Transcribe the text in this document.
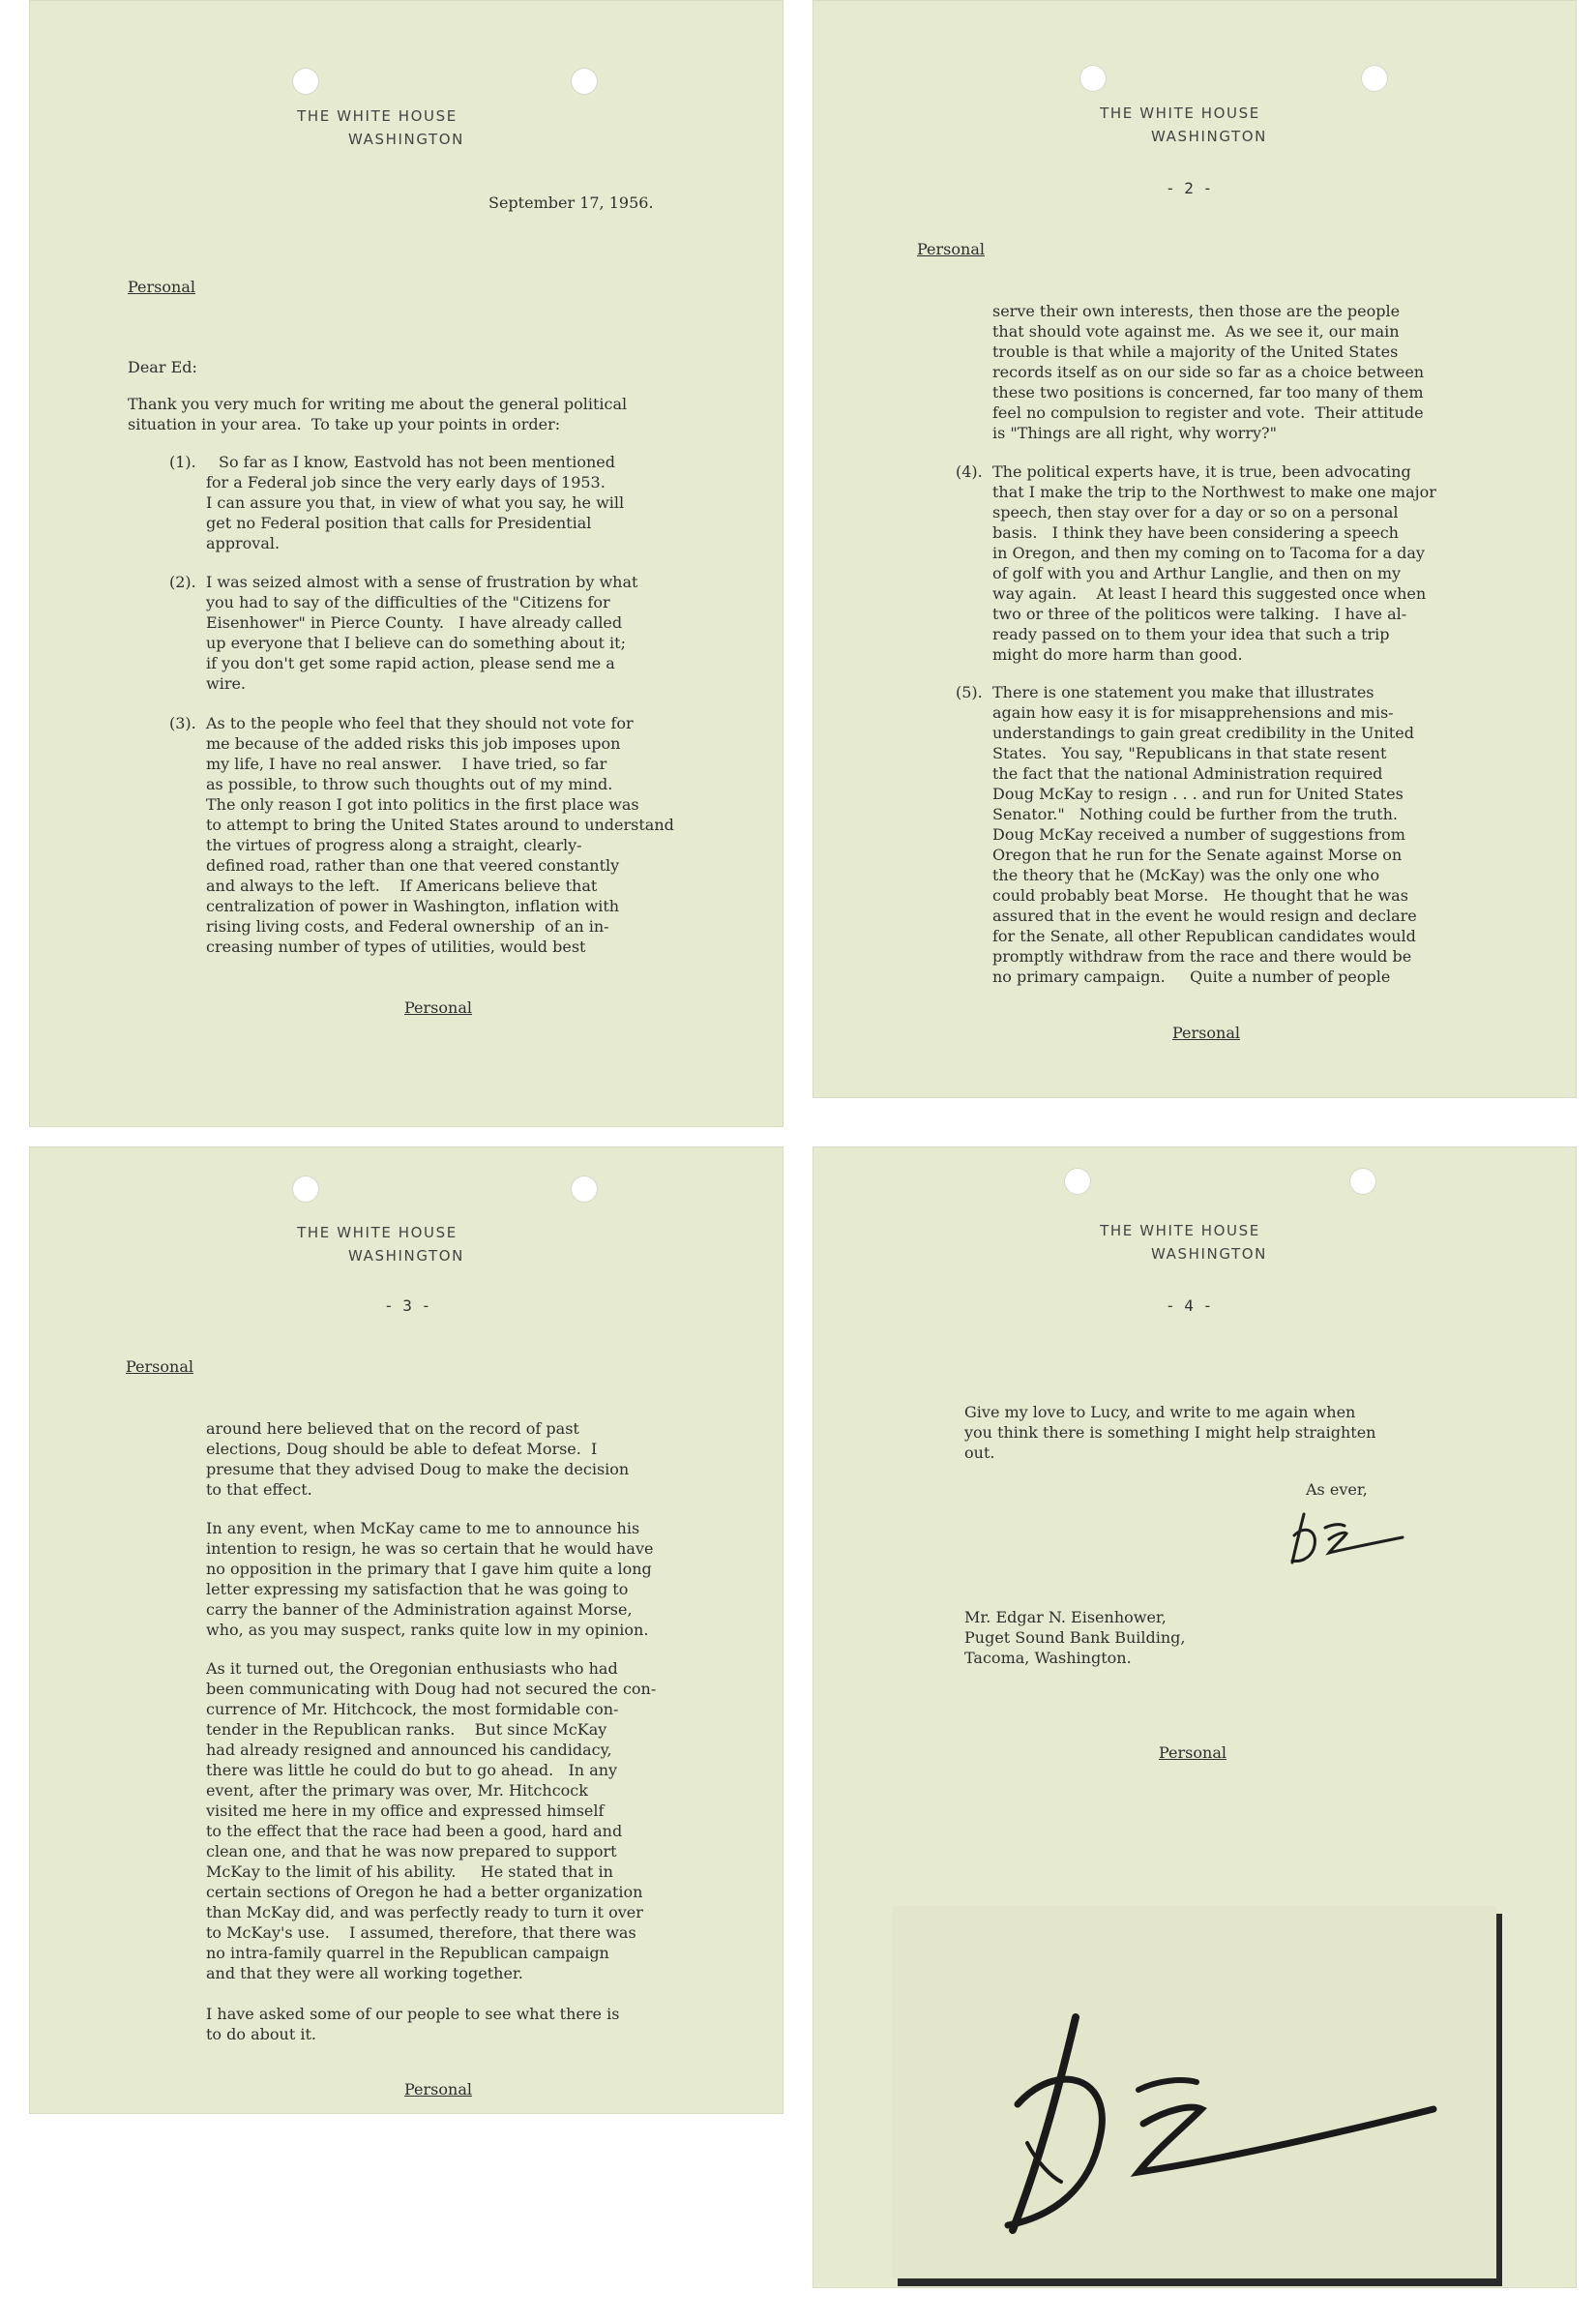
THE WHITE HOUSE
WASHINGTON
September 17, 1956.
Personal
Dear Ed:
Thank you very much for writing me about the general political
situation in your area.  To take up your points in order:
(1). So far as I know, Eastvold has not been mentioned
for a Federal job since the very early days of 1953.
I can assure you that, in view of what you say, he will
get no Federal position that calls for Presidential
approval.
(2). I was seized almost with a sense of frustration by what
you had to say of the difficulties of the "Citizens for
Eisenhower" in Pierce County.   I have already called
up everyone that I believe can do something about it;
if you don't get some rapid action, please send me a
wire.
(3). As to the people who feel that they should not vote for
me because of the added risks this job imposes upon
my life, I have no real answer.    I have tried, so far
as possible, to throw such thoughts out of my mind.
The only reason I got into politics in the first place was
to attempt to bring the United States around to understand
the virtues of progress along a straight, clearly-
defined road, rather than one that veered constantly
and always to the left.    If Americans believe that
centralization of power in Washington, inflation with
rising living costs, and Federal ownership  of an in-
creasing number of types of utilities, would best
Personal
THE WHITE HOUSE
WASHINGTON
- 2 -
Personal
serve their own interests, then those are the people
that should vote against me.  As we see it, our main
trouble is that while a majority of the United States
records itself as on our side so far as a choice between
these two positions is concerned, far too many of them
feel no compulsion to register and vote.  Their attitude
is "Things are all right, why worry?"
(4). The political experts have, it is true, been advocating
that I make the trip to the Northwest to make one major
speech, then stay over for a day or so on a personal
basis.   I think they have been considering a speech
in Oregon, and then my coming on to Tacoma for a day
of golf with you and Arthur Langlie, and then on my
way again.    At least I heard this suggested once when
two or three of the politicos were talking.   I have al-
ready passed on to them your idea that such a trip
might do more harm than good.
(5). There is one statement you make that illustrates
again how easy it is for misapprehensions and mis-
understandings to gain great credibility in the United
States.   You say, "Republicans in that state resent
the fact that the national Administration required
Doug McKay to resign . . . and run for United States
Senator."   Nothing could be further from the truth.
Doug McKay received a number of suggestions from
Oregon that he run for the Senate against Morse on
the theory that he (McKay) was the only one who
could probably beat Morse.   He thought that he was
assured that in the event he would resign and declare
for the Senate, all other Republican candidates would
promptly withdraw from the race and there would be
no primary campaign.     Quite a number of people
Personal
THE WHITE HOUSE
WASHINGTON
- 3 -
Personal
around here believed that on the record of past
elections, Doug should be able to defeat Morse.  I
presume that they advised Doug to make the decision
to that effect.
In any event, when McKay came to me to announce his
intention to resign, he was so certain that he would have
no opposition in the primary that I gave him quite a long
letter expressing my satisfaction that he was going to
carry the banner of the Administration against Morse,
who, as you may suspect, ranks quite low in my opinion.
As it turned out, the Oregonian enthusiasts who had
been communicating with Doug had not secured the con-
currence of Mr. Hitchcock, the most formidable con-
tender in the Republican ranks.    But since McKay
had already resigned and announced his candidacy,
there was little he could do but to go ahead.   In any
event, after the primary was over, Mr. Hitchcock
visited me here in my office and expressed himself
to the effect that the race had been a good, hard and
clean one, and that he was now prepared to support
McKay to the limit of his ability.     He stated that in
certain sections of Oregon he had a better organization
than McKay did, and was perfectly ready to turn it over
to McKay's use.    I assumed, therefore, that there was
no intra-family quarrel in the Republican campaign
and that they were all working together.
I have asked some of our people to see what there is
to do about it.
Personal
THE WHITE HOUSE
WASHINGTON
- 4 -
Give my love to Lucy, and write to me again when
you think there is something I might help straighten
out.
As ever,
Mr. Edgar N. Eisenhower,
Puget Sound Bank Building,
Tacoma, Washington.
Personal
